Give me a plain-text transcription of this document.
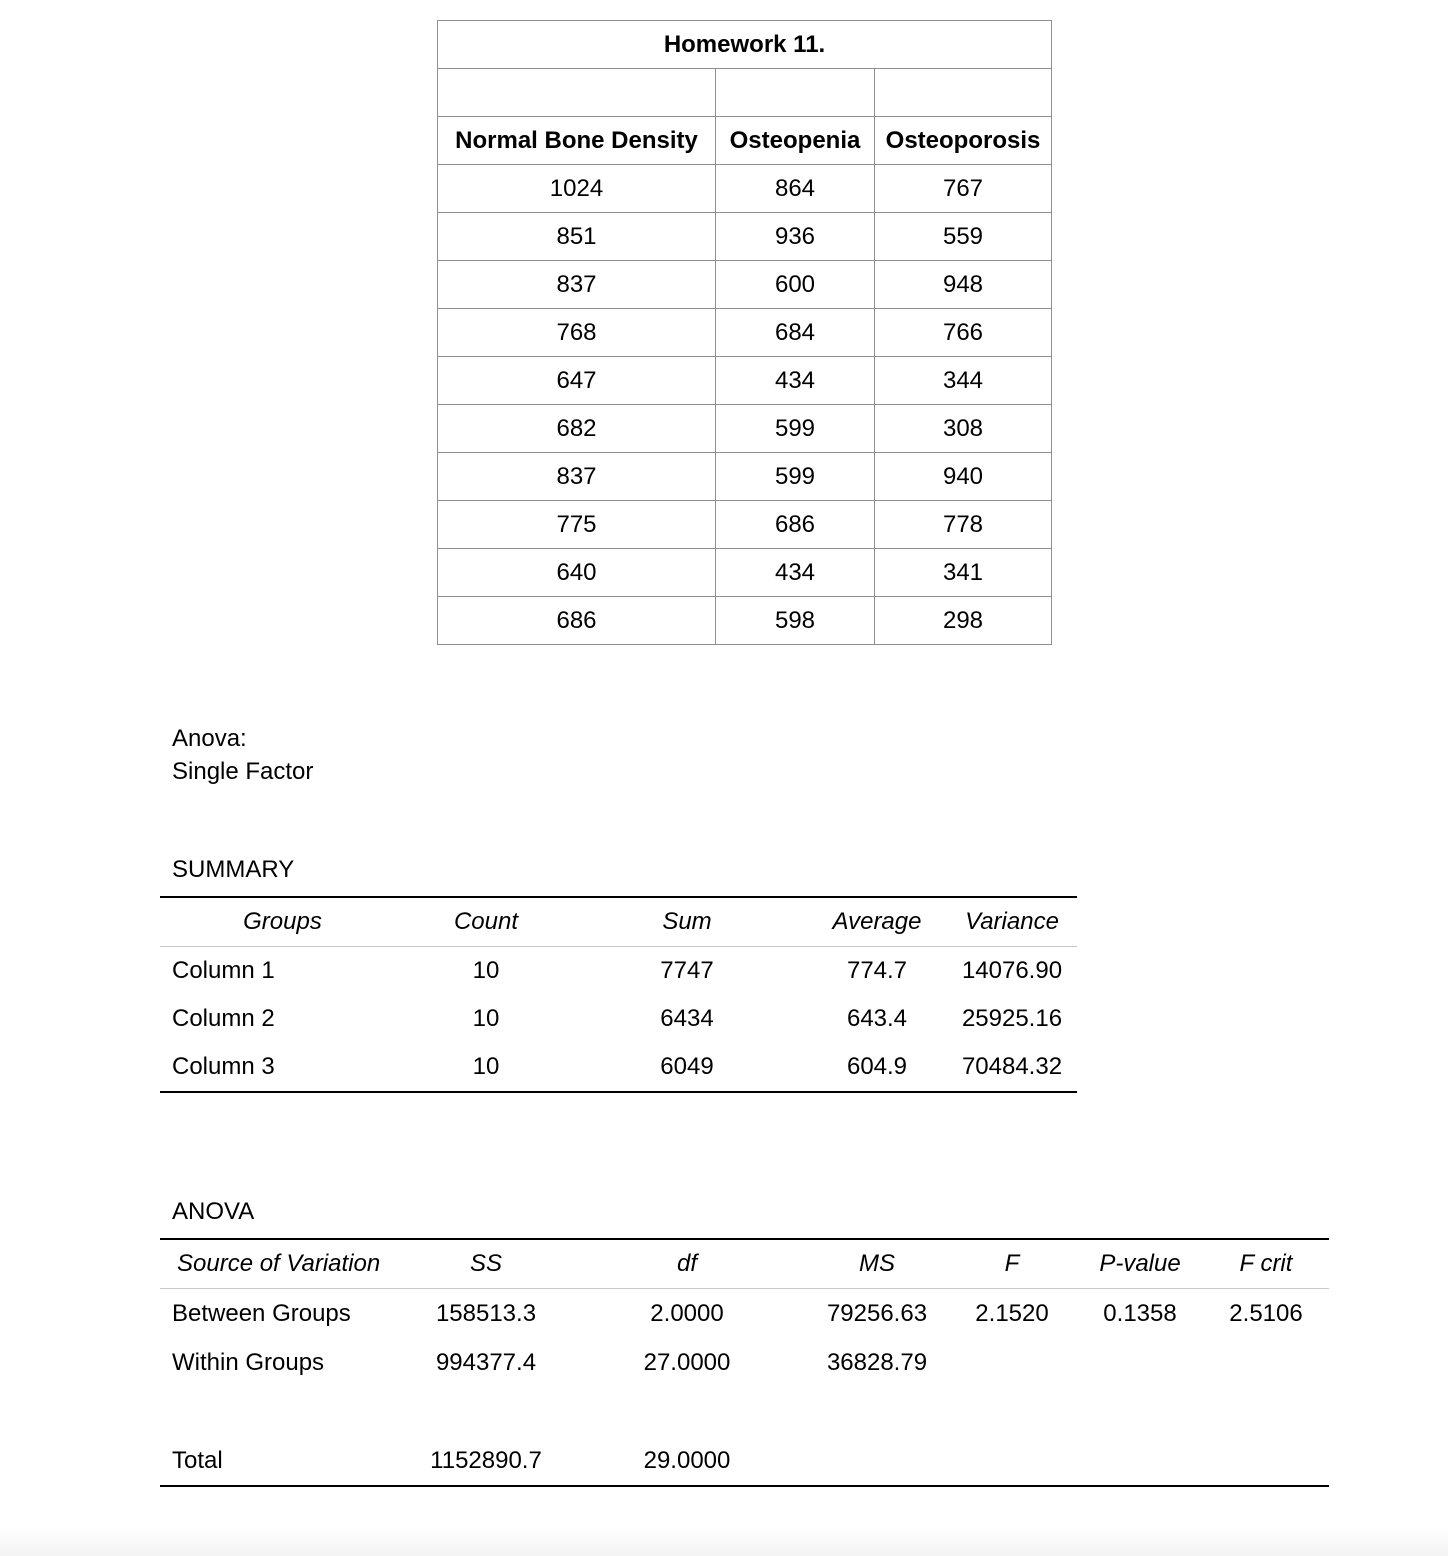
Homework 11.		

Normal Bone Density	Osteopenia	Osteoporosis
1024	864	767
851	936	559
837	600	948
768	684	766
647	434	344
682	599	308
837	599	940
775	686	778
640	434	341
686	598	298
Anova:
Single Factor
SUMMARY
Groups	Count	Sum	Average	Variance
Column 1	10	7747	774.7	14076.90
Column 2	10	6434	643.4	25925.16
Column 3	10	6049	604.9	70484.32
ANOVA
Source of Variation	SS	df	MS	F	P-value	F crit
Between Groups	158513.3	2.0000	79256.63	2.1520	0.1358	2.5106
Within Groups	994377.4	27.0000	36828.79			

Total	1152890.7	29.0000				
